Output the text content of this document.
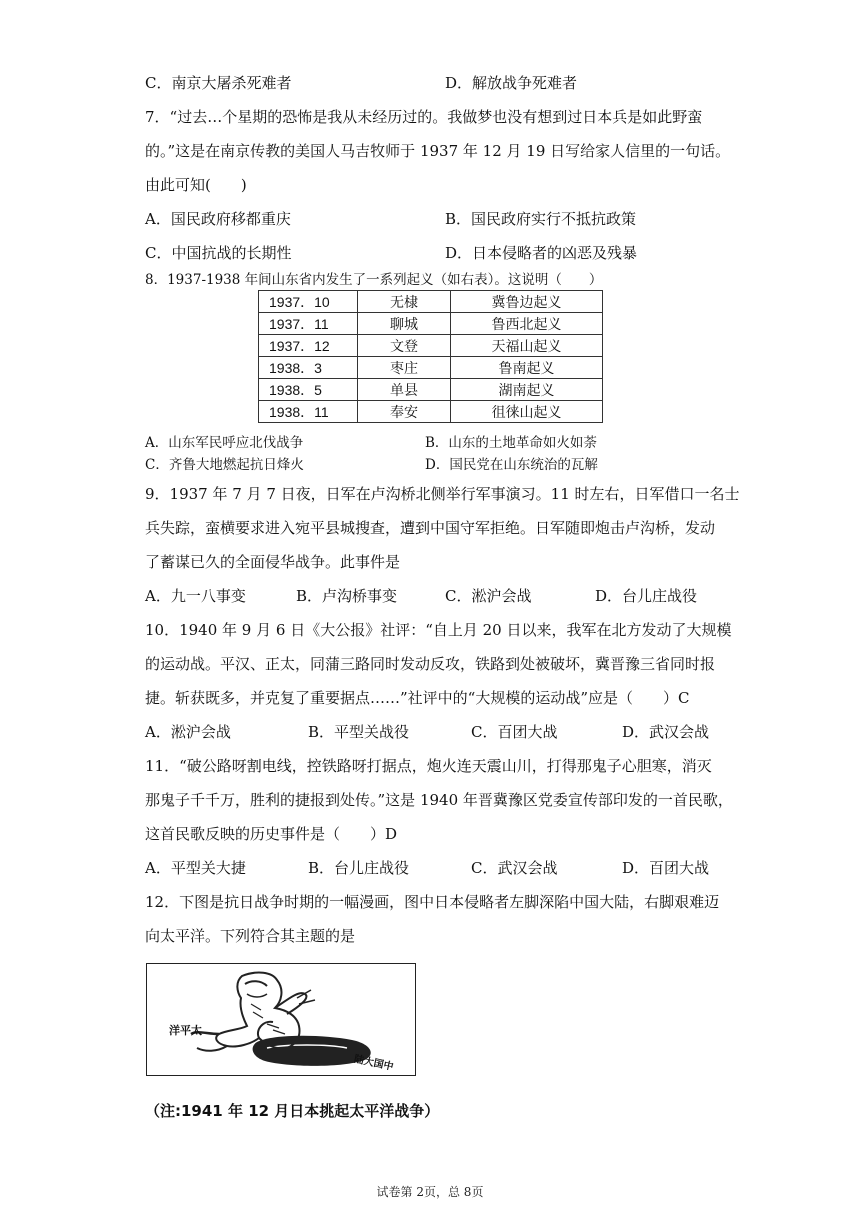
C．南京大屠杀死难者	D．解放战争死难者
7．“过去…个星期的恐怖是我从未经历过的。我做梦也没有想到过日本兵是如此野蛮
的。”这是在南京传教的美国人马吉牧师于 1937 年 12 月 19 日写给家人信里的一句话。
由此可知(　　)
A．国民政府移都重庆	B．国民政府实行不抵抗政策
C．中国抗战的长期性	D．日本侵略者的凶恶及残暴
8．1937-1938 年间山东省内发生了一系列起义（如右表）。这说明（　　）
1937．10	无棣	冀鲁边起义
1937．11	聊城	鲁西北起义
1937．12	文登	天福山起义
1938．3	枣庄	鲁南起义
1938．5	单县	湖南起义
1938．11	奉安	徂徕山起义
A．山东军民呼应北伐战争	B．山东的土地革命如火如荼
C．齐鲁大地燃起抗日烽火	D．国民党在山东统治的瓦解
9．1937 年 7 月 7 日夜，日军在卢沟桥北侧举行军事演习。11 时左右，日军借口一名士
兵失踪，蛮横要求进入宛平县城搜查，遭到中国守军拒绝。日军随即炮击卢沟桥，发动
了蓄谋已久的全面侵华战争。此事件是
A．九一八事变	B．卢沟桥事变	C．淞沪会战	D．台儿庄战役
10．1940 年 9 月 6 日《大公报》社评：“自上月 20 日以来，我军在北方发动了大规模
的运动战。平汉、正太，同蒲三路同时发动反攻，铁路到处被破坏，冀晋豫三省同时报
捷。斩获既多，并克复了重要据点……”社评中的“大规模的运动战”应是（　　）C
A．淞沪会战	B．平型关战役	C．百团大战	D．武汉会战
11．“破公路呀割电线，控铁路呀打据点，炮火连天震山川，打得那鬼子心胆寒，消灭
那鬼子千千万，胜利的捷报到处传。”这是 1940 年晋冀豫区党委宣传部印发的一首民歌，
这首民歌反映的历史事件是（　　）D
A．平型关大捷	B．台儿庄战役	C．武汉会战	D．百团大战
12．下图是抗日战争时期的一幅漫画，图中日本侵略者左脚深陷中国大陆，右脚艰难迈
向太平洋。下列符合其主题的是
洋平太
陆大国中
（注:1941 年 12 月日本挑起太平洋战争）
试卷第 2页，总 8页
